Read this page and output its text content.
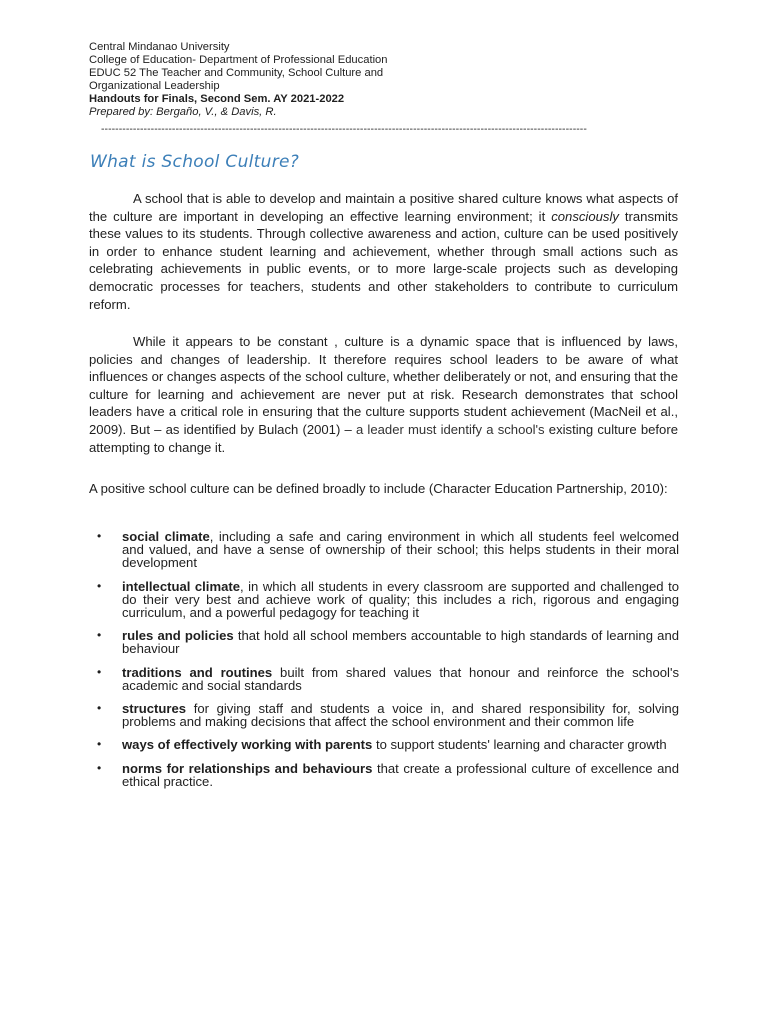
Central Mindanao University
College of Education- Department of Professional Education
EDUC 52 The Teacher and Community, School Culture and
Organizational Leadership
Handouts for Finals, Second Sem. AY 2021-2022
Prepared by: Bergaño, V., & Davis, R.
-----------------------------------------------------------------------------------------------------------------------------------------
What is School Culture?
A school that is able to develop and maintain a positive shared culture knows what aspects of the culture are important in developing an effective learning environment; it consciously transmits these values to its students. Through collective awareness and action, culture can be used positively in order to enhance student learning and achievement, whether through small actions such as celebrating achievements in public events, or to more large-scale projects such as developing democratic processes for teachers, students and other stakeholders to contribute to curriculum reform.
While it appears to be constant , culture is a dynamic space that is influenced by laws, policies and changes of leadership. It therefore requires school leaders to be aware of what influences or changes aspects of the school culture, whether deliberately or not, and ensuring that the culture for learning and achievement are never put at risk. Research demonstrates that school leaders have a critical role in ensuring that the culture supports student achievement (MacNeil et al., 2009). But – as identified by Bulach (2001) – a leader must identify a school's existing culture before attempting to change it.
A positive school culture can be defined broadly to include (Character Education Partnership, 2010):
• social climate, including a safe and caring environment in which all students feel welcomed and valued, and have a sense of ownership of their school; this helps students in their moral development
• intellectual climate, in which all students in every classroom are supported and challenged to do their very best and achieve work of quality; this includes a rich, rigorous and engaging curriculum, and a powerful pedagogy for teaching it
• rules and policies that hold all school members accountable to high standards of learning and behaviour
• traditions and routines built from shared values that honour and reinforce the school's academic and social standards
• structures for giving staff and students a voice in, and shared responsibility for, solving problems and making decisions that affect the school environment and their common life
• ways of effectively working with parents to support students' learning and character growth
• norms for relationships and behaviours that create a professional culture of excellence and ethical practice.
